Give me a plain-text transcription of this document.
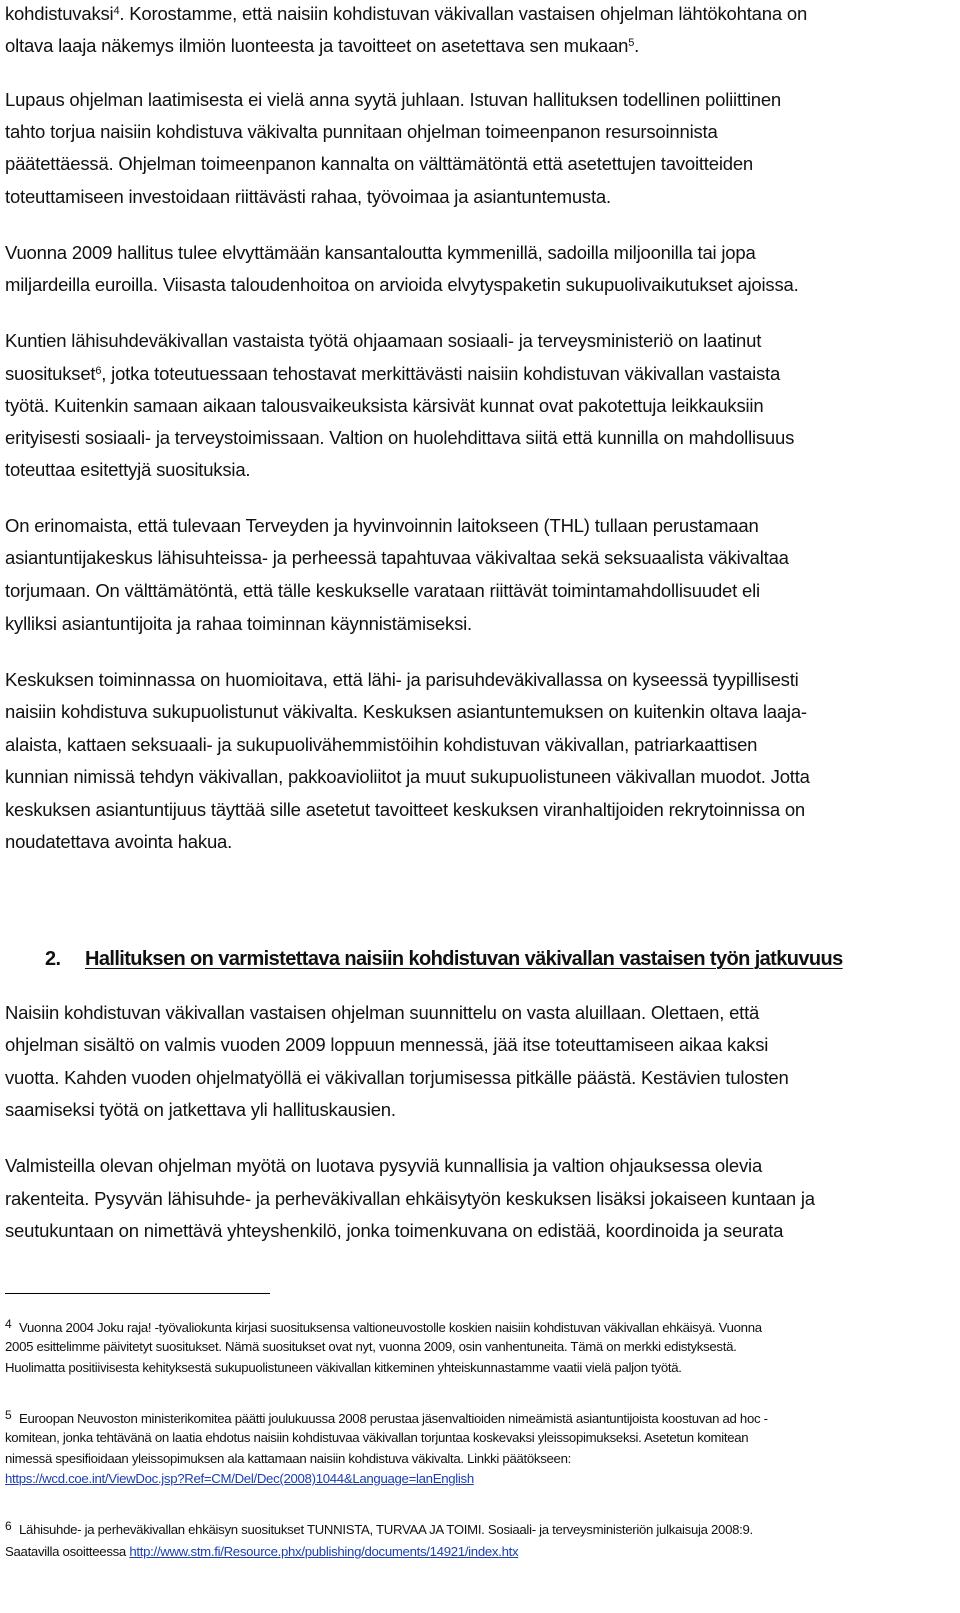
kohdistuvaksi$^4$. Korostamme, että naisiin kohdistuvan väkivallan vastaisen ohjelman lähtökohtana on
oltava laaja näkemys ilmiön luonteesta ja tavoitteet on asetettava sen mukaan$^5$.
Lupaus ohjelman laatimisesta ei vielä anna syytä juhlaan. Istuvan hallituksen todellinen poliittinen
tahto torjua naisiin kohdistuva väkivalta punnitaan ohjelman toimeenpanon resursoinnista
päätettäessä. Ohjelman toimeenpanon kannalta on välttämätöntä että asetettujen tavoitteiden
toteuttamiseen investoidaan riittävästi rahaa, työvoimaa ja asiantuntemusta.
Vuonna 2009 hallitus tulee elvyttämään kansantaloutta kymmenillä, sadoilla miljoonilla tai jopa
miljardeilla euroilla. Viisasta taloudenhoitoa on arvioida elvytyspaketin sukupuolivaikutukset ajoissa.
Kuntien lähisuhdeväkivallan vastaista työtä ohjaamaan sosiaali- ja terveysministeriö on laatinut
suositukset$^6$, jotka toteutuessaan tehostavat merkittävästi naisiin kohdistuvan väkivallan vastaista
työtä. Kuitenkin samaan aikaan talousvaikeuksista kärsivät kunnat ovat pakotettuja leikkauksiin
erityisesti sosiaali- ja terveystoimissaan. Valtion on huolehdittava siitä että kunnilla on mahdollisuus
toteuttaa esitettyjä suosituksia.
On erinomaista, että tulevaan Terveyden ja hyvinvoinnin laitokseen (THL) tullaan perustamaan
asiantuntijakeskus lähisuhteissa- ja perheessä tapahtuvaa väkivaltaa sekä seksuaalista väkivaltaa
torjumaan. On välttämätöntä, että tälle keskukselle varataan riittävät toimintamahdollisuudet eli
kylliksi asiantuntijoita ja rahaa toiminnan käynnistämiseksi.
Keskuksen toiminnassa on huomioitava, että lähi- ja parisuhdeväkivallassa on kyseessä tyypillisesti
naisiin kohdistuva sukupuolistunut väkivalta. Keskuksen asiantuntemuksen on kuitenkin oltava laaja-
alaista, kattaen seksuaali- ja sukupuolivähemmistöihin kohdistuvan väkivallan, patriarkaattisen
kunnian nimissä tehdyn väkivallan, pakkoavioliitot ja muut sukupuolistuneen väkivallan muodot. Jotta
keskuksen asiantuntijuus täyttää sille asetetut tavoitteet keskuksen viranhaltijoiden rekrytoinnissa on
noudatettava avointa hakua.
2. Hallituksen on varmistettava naisiin kohdistuvan väkivallan vastaisen työn jatkuvuus
Naisiin kohdistuvan väkivallan vastaisen ohjelman suunnittelu on vasta aluillaan. Olettaen, että
ohjelman sisältö on valmis vuoden 2009 loppuun mennessä, jää itse toteuttamiseen aikaa kaksi
vuotta. Kahden vuoden ohjelmatyöllä ei väkivallan torjumisessa pitkälle päästä. Kestävien tulosten
saamiseksi työtä on jatkettava yli hallituskausien.
Valmisteilla olevan ohjelman myötä on luotava pysyviä kunnallisia ja valtion ohjauksessa olevia
rakenteita. Pysyvän lähisuhde- ja perheväkivallan ehkäisytyön keskuksen lisäksi jokaiseen kuntaan ja
seutukuntaan on nimettävä yhteyshenkilö, jonka toimenkuvana on edistää, koordinoida ja seurata
4 Vuonna 2004 Joku raja! -työvaliokunta kirjasi suosituksensa valtioneuvostolle koskien naisiin kohdistuvan väkivallan ehkäisyä. Vuonna
2005 esittelimme päivitetyt suositukset. Nämä suositukset ovat nyt, vuonna 2009, osin vanhentuneita. Tämä on merkki edistyksestä.
Huolimatta positiivisesta kehityksestä sukupuolistuneen väkivallan kitkeminen yhteiskunnastamme vaatii vielä paljon työtä.
5 Euroopan Neuvoston ministerikomitea päätti joulukuussa 2008 perustaa jäsenvaltioiden nimeämistä asiantuntijoista koostuvan ad hoc -
komitean, jonka tehtävänä on laatia ehdotus naisiin kohdistuvaa väkivallan torjuntaa koskevaksi yleissopimukseksi. Asetetun komitean
nimessä spesifioidaan yleissopimuksen ala kattamaan naisiin kohdistuva väkivalta. Linkki päätökseen:
https://wcd.coe.int/ViewDoc.jsp?Ref=CM/Del/Dec(2008)1044&Language=lanEnglish
6 Lähisuhde- ja perheväkivallan ehkäisyn suositukset TUNNISTA, TURVAA JA TOIMI. Sosiaali- ja terveysministeriön julkaisuja 2008:9.
Saatavilla osoitteessa http://www.stm.fi/Resource.phx/publishing/documents/14921/index.htx
